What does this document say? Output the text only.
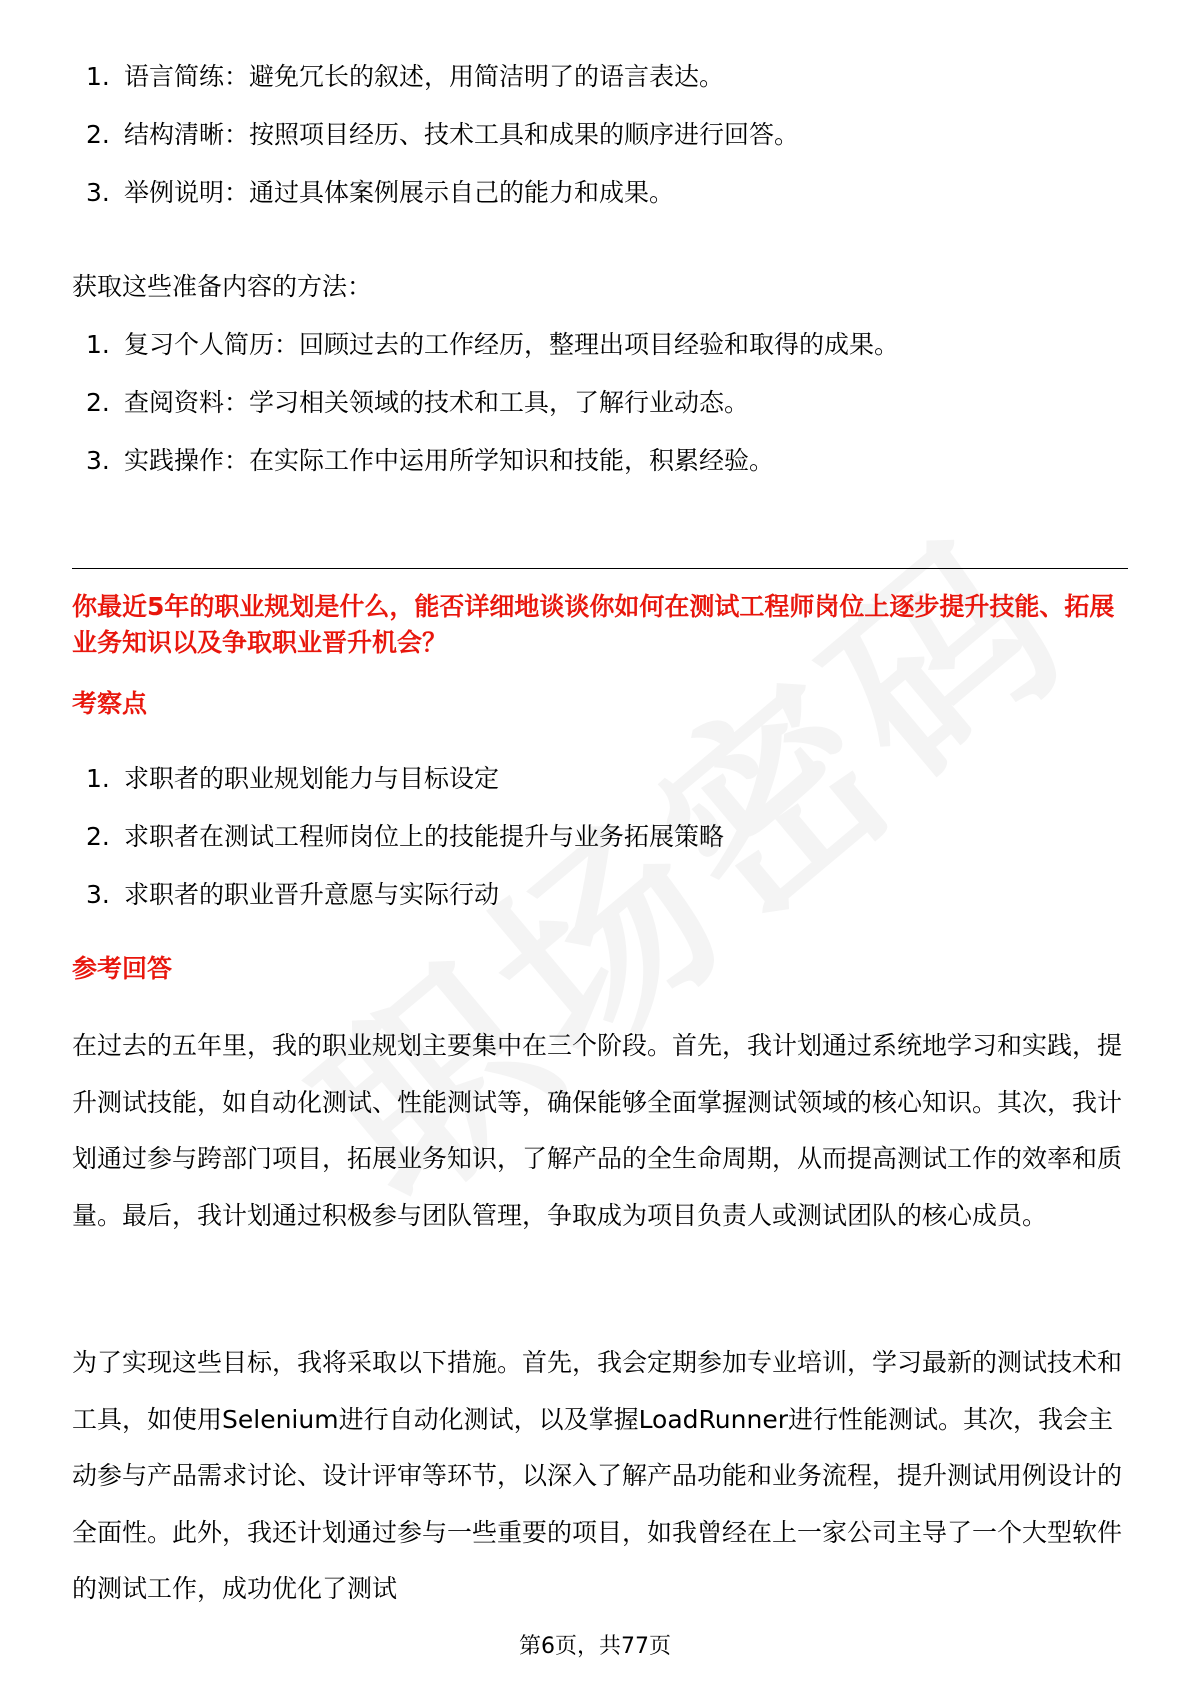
1. 语言简练：避免冗长的叙述，用简洁明了的语言表达。
2. 结构清晰：按照项目经历、技术工具和成果的顺序进行回答。
3. 举例说明：通过具体案例展示自己的能力和成果。

获取这些准备内容的方法：

1. 复习个人简历：回顾过去的工作经历，整理出项目经验和取得的成果。
2. 查阅资料：学习相关领域的技术和工具，了解行业动态。
3. 实践操作：在实际工作中运用所学知识和技能，积累经验。

你最近5年的职业规划是什么，能否详细地谈谈你如何在测试工程师岗位上逐步提升技能、拓展业务知识以及争取职业晋升机会？

考察点

1. 求职者的职业规划能力与目标设定
2. 求职者在测试工程师岗位上的技能提升与业务拓展策略
3. 求职者的职业晋升意愿与实际行动

参考回答

在过去的五年里，我的职业规划主要集中在三个阶段。首先，我计划通过系统地学习和实践，提升测试技能，如自动化测试、性能测试等，确保能够全面掌握测试领域的核心知识。其次，我计划通过参与跨部门项目，拓展业务知识，了解产品的全生命周期，从而提高测试工作的效率和质量。最后，我计划通过积极参与团队管理，争取成为项目负责人或测试团队的核心成员。

为了实现这些目标，我将采取以下措施。首先，我会定期参加专业培训，学习最新的测试技术和工具，如使用Selenium进行自动化测试，以及掌握LoadRunner进行性能测试。其次，我会主动参与产品需求讨论、设计评审等环节，以深入了解产品功能和业务流程，提升测试用例设计的全面性。此外，我还计划通过参与一些重要的项目，如我曾经在上一家公司主导了一个大型软件的测试工作，成功优化了测试

第6页，共77页
